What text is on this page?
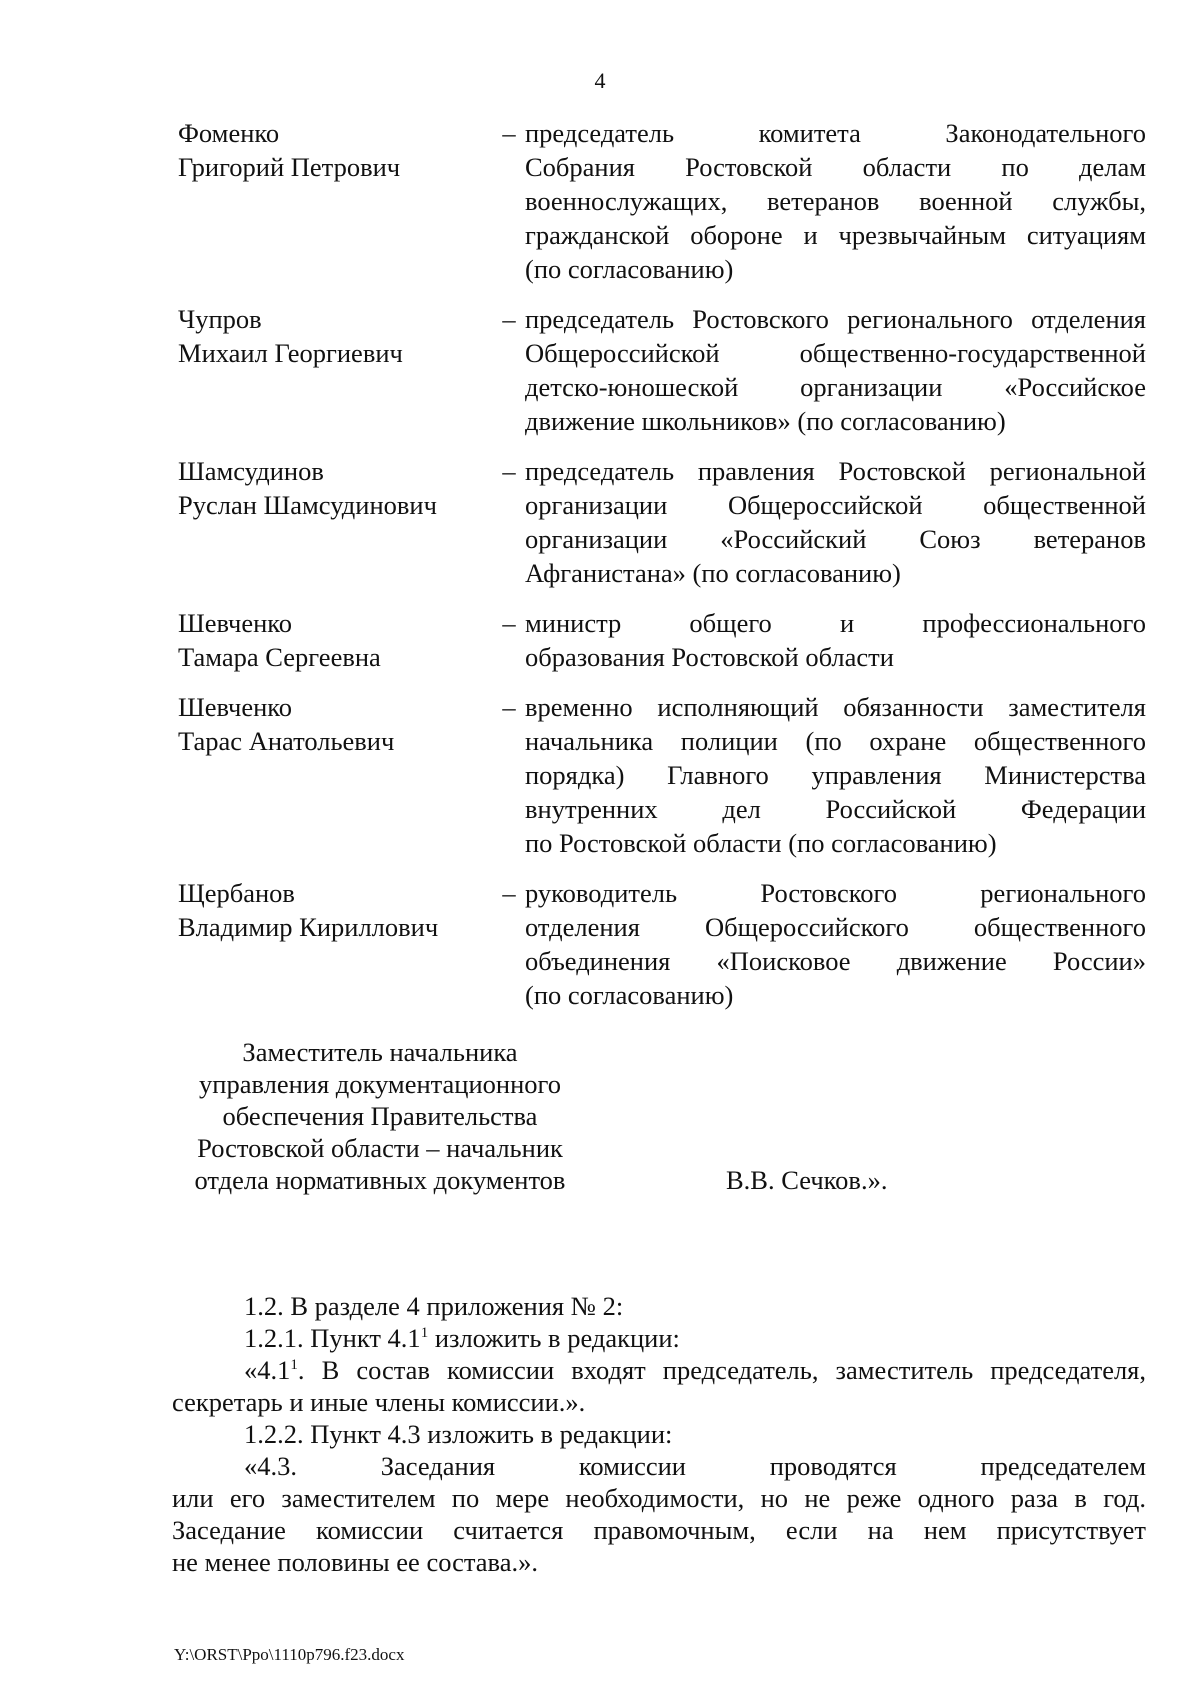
4
Фоменко
Григорий Петрович
– председатель комитета Законодательного
Собрания Ростовской области по делам
военнослужащих, ветеранов военной службы,
гражданской обороне и чрезвычайным ситуациям
(по согласованию)
Чупров
Михаил Георгиевич
– председатель Ростовского регионального отделения
Общероссийской общественно-государственной
детско-юношеской организации «Российское
движение школьников» (по согласованию)
Шамсудинов
Руслан Шамсудинович
– председатель правления Ростовской региональной
организации Общероссийской общественной
организации «Российский Союз ветеранов
Афганистана» (по согласованию)
Шевченко
Тамара Сергеевна
– министр общего и профессионального
образования Ростовской области
Шевченко
Тарас Анатольевич
– временно исполняющий обязанности заместителя
начальника полиции (по охране общественного
порядка) Главного управления Министерства
внутренних дел Российской Федерации
по Ростовской области (по согласованию)
Щербанов
Владимир Кириллович
– руководитель Ростовского регионального
отделения Общероссийского общественного
объединения «Поисковое движение России»
(по согласованию)
Заместитель начальника
управления документационного
обеспечения Правительства
Ростовской области – начальник
отдела нормативных документов	В.В. Сечков.».

1.2. В разделе 4 приложения № 2:

1.2.1. Пункт $4.1^1$ изложить в редакции:

«$4.1^1$. В состав комиссии входят председатель, заместитель председателя,

секретарь и иные члены комиссии.».

1.2.2. Пункт 4.3 изложить в редакции:

«4.3. Заседания комиссии проводятся председателем

или его заместителем по мере необходимости, но не реже одного раза в год.

Заседание комиссии считается правомочным, если на нем присутствует

не менее половины ее состава.».

Y:\ORST\Ppo\1110p796.f23.docx
